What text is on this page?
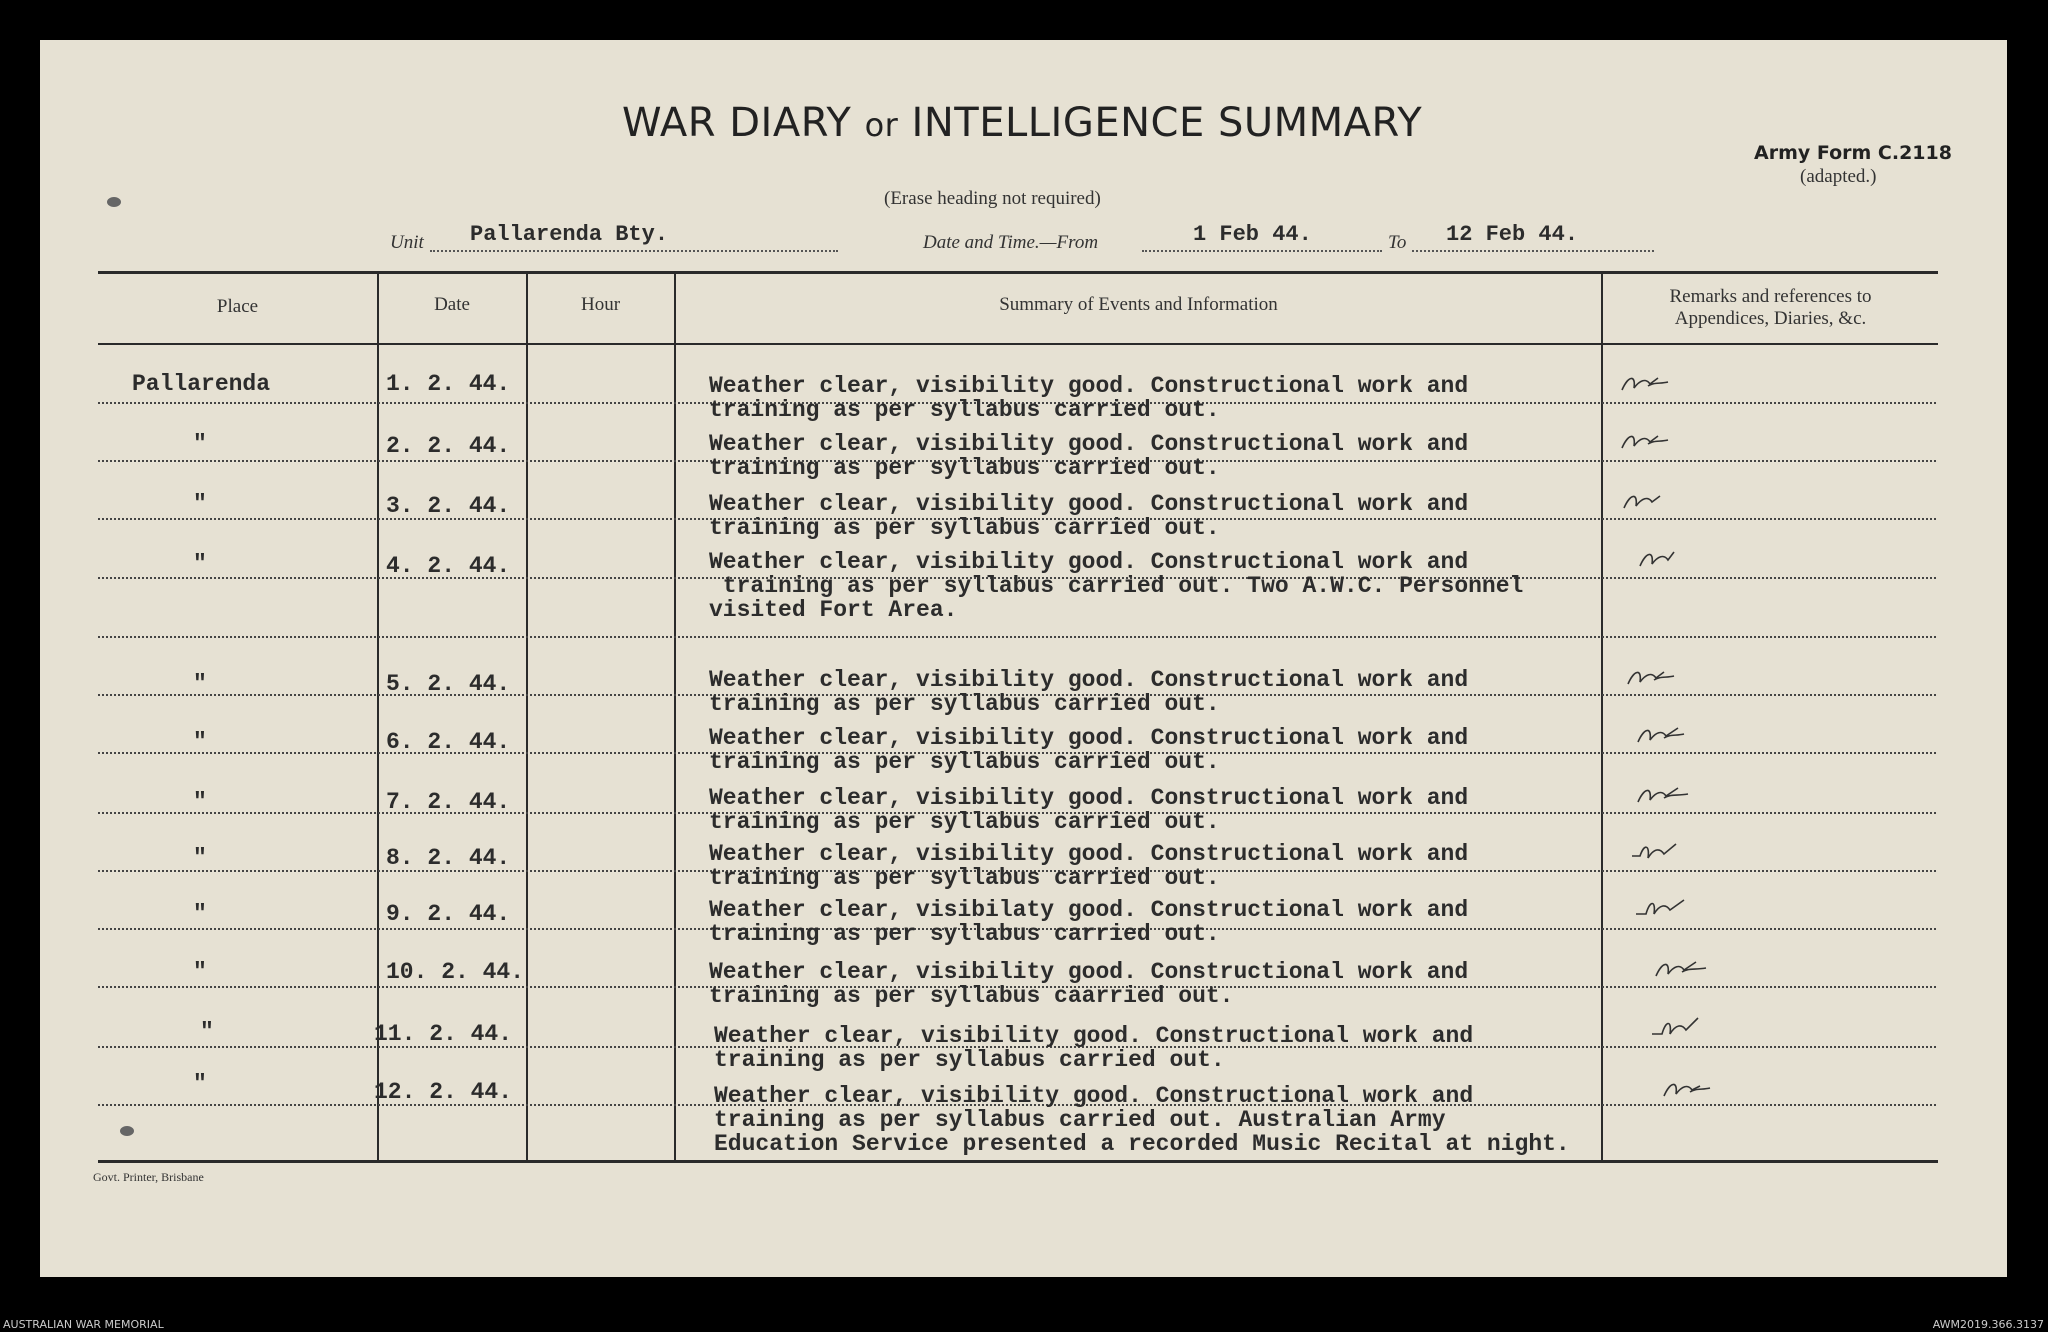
WAR DIARY or INTELLIGENCE SUMMARY
(Erase heading not required)
Army Form C.2118
(adapted.)
Unit Pallarenda Bty.	Date and Time.—From	1 Feb 44.	To 12 Feb 44.
Place	Date	Hour	Summary of Events and Information	Remarks and references to
Appendices, Diaries, &c.
Pallarenda	1. 2. 44.	Weather clear, visibility good. Constructional work and
training as per syllabus carried out.
"	2. 2. 44.	Weather clear, visibility good. Constructional work and
training as per syllabus carried out.
"	3. 2. 44.	Weather clear, visibility good. Constructional work and
training as per syllabus carried out.
"	4. 2. 44.	Weather clear, visibility good. Constructional work and
training as per syllabus carried out. Two A.W.C. Personnel
visited Fort Area.
"	5. 2. 44.	Weather clear, visibility good. Constructional work and
training as per syllabus carried out.
"	6. 2. 44.	Weather clear, visibility good. Constructional work and
training as per syllabus carried out.
"	7. 2. 44.	Weather clear, visibility good. Constructional work and
training as per syllabus carried out.
"	8. 2. 44.	Weather clear, visibility good. Constructional work and
training as per syllabus carried out.
"	9. 2. 44.	Weather clear, visibilaty good. Constructional work and
training as per syllabus carried out.
"	10. 2. 44.	Weather clear, visibility good. Constructional work and
training as per syllabus caarried out.
"	11. 2. 44.	Weather clear, visibility good. Constructional work and
training as per syllabus carried out.
"	12. 2. 44.	Weather clear, visibility good. Constructional work and
training as per syllabus carried out. Australian Army
Education Service presented a recorded Music Recital at night.
Govt. Printer, Brisbane
AUSTRALIAN WAR MEMORIAL	AWM2019.366.3137
